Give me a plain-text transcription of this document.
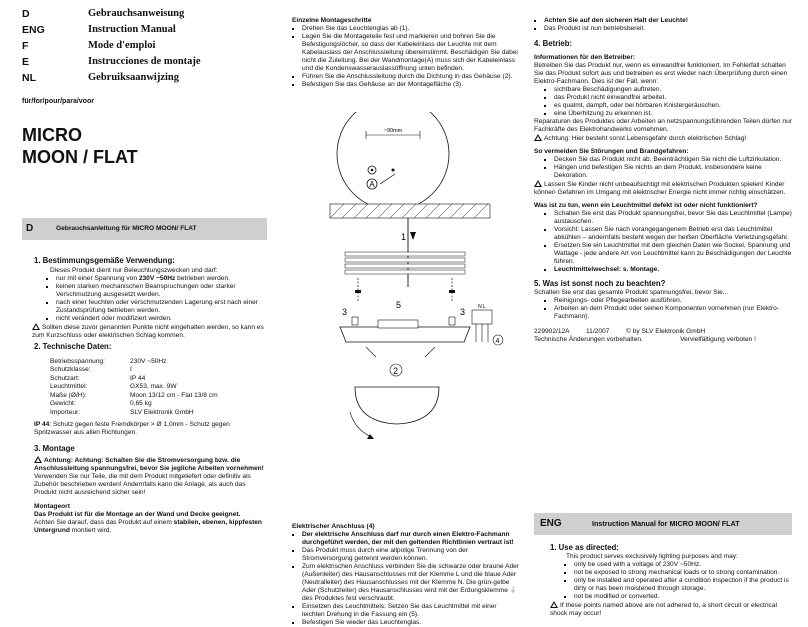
D	Gebrauchsanweisung
ENG	Instruction Manual
F	Mode d'emploi
E	Instrucciones de montaje
NL	Gebruiksaanwijzing
für/for/pour/para/voor
MICRO
MOON / FLAT
D	Gebrauchsanleitung für MICRO MOON/ FLAT
1. Bestimmungsgemäße Verwendung:

Dieses Produkt dient nur Beleuchtungszwecken und darf:

▪ nur mit einer Spannung von 230V ~50Hz betrieben werden.
▪ keinen starken mechanischen Beanspruchungen oder starker Verschmutzung ausgesetzt werden.
▪ nach einer feuchten oder verschmutzenden Lagerung erst nach einer Zustandsprüfung betrieben werden.
▪ nicht verändert oder modifiziert werden.

Sollten diese zuvor genannten Punkte nicht eingehalten werden, so kann es zum Kurzschluss oder elektrischen Schlag kommen.

2. Technische Daten:
Betriebsspannung:	230V ~50Hz
Schutzklasse:	I
Schutzart:	IP 44
Leuchtmittel:	GX53, max. 9W
Maße (Ø/H):	Moon 13/12 cm - Flat 13/8 cm
Gewicht:	0,65 kg
Importeur:	SLV Elektronik GmbH
IP 44: Schutz gegen feste Fremdkörper > Ø 1,0mm - Schutz gegen Spritzwasser aus allen Richtungen.
3. Montage

Achtung: Achtung: Schalten Sie die Stromversorgung bzw. die Anschlussleitung spannungsfrei, bevor Sie jegliche Arbeiten vornehmen! Verwenden Sie nur Teile, die mit dem Produkt mitgeliefert oder definitiv als Zubehör beschrieben werden! Andernfalls kann die Anlage, als auch das Produkt nicht ausreichend sicher sein!

Montageort

Das Produkt ist für die Montage an der Wand und Decke geeignet.

Achten Sie darauf, dass das Produkt auf einem stabilen, ebenen, kippfesten Untergrund montiert wird.

Einzelne Montageschritte

▪ Drehen Sie das Leuchtenglas ab (1).
▪ Legen Sie die Montageteile fest und markieren und bohren Sie die Befestigungslöcher, so dass der Kabeleinlass der Leuchte mit dem Kabelauslass der Anschlussleitung übereinstimmt. Beschädigen Sie dabei nicht die Zuleitung. Bei der Wandmontage(A) muss sich der Kabeleinlass und die Kondenswasserauslassöffnung unten befinden.
▪ Führen Sie die Anschlussleitung durch die Dichtung in das Gehäuse (2).
▪ Befestigen Sie das Gehäuse an der Montagefläche (3).
~90mm
A
1
3	3
5
2
N L
4

Elektrischer Anschluss (4)

▪ Der elektrische Anschluss darf nur durch einen Elektro-Fachmann durchgeführt werden, der mit den geltenden Richtlinien vertraut ist!
▪ Das Produkt muss durch eine allpolige Trennung von der Stromversorgung getrennt werden können.
▪ Zum elektrischen Anschluss verbinden Sie die schwarze oder braune Ader (Außenleiter) des Hausanschlusses mit der Klemme L und die blaue Ader (Neutralleiter) des Hausanschlusses mit der Klemme N. Die grün-gelbe Ader (Schutzleiter) des Hausanschlusses wird mit der Erdungsklemme ⏚ des Produktes fest verschraubt.
▪ Einsetzen des Leuchtmittels: Setzen Sie das Leuchtmittel mit einer leichten Drehung in die Fassung ein (5).
▪ Befestigen Sie wieder das Leuchtenglas.
▪ Achten Sie auf den sicheren Halt der Leuchte!
▪ Das Produkt ist nun betriebsbereit.
4. Betrieb:

Informationen für den Betreiber:

Betreiben Sie das Produkt nur, wenn es einwandfrei funktioniert. Im Fehlerfall schalten Sie das Produkt sofort aus und betreiben es erst wieder nach Überprüfung durch einen Elektro-Fachmann. Dies ist der Fall, wenn:

▪ sichtbare Beschädigungen auftreten.
▪ das Produkt nicht einwandfrei arbeitet.
▪ es qualmt, dampft, oder bei hörbaren Knistergeräuschen.
▪ eine Überhitzung zu erkennen ist.

Reparaturen des Produktes oder Arbeiten an netzspannungsführenden Teilen dürfen nur Fachkräfte des Elektrohandwerks vornehmen.

Achtung: Hier besteht sonst Lebensgefahr durch elektrischen Schlag!

So vermeiden Sie Störungen und Brandgefahren:

▪ Decken Sie das Produkt nicht ab. Beeinträchtigen Sie nicht die Luftzirkulation.
▪ Hängen und befestigen Sie nichts an dem Produkt, insbesondere keine Dekoration.

Lassen Sie Kinder nicht unbeaufsichtigt mit elektrischen Produkten spielen! Kinder können Gefahren im Umgang mit elektrischer Energie nicht immer richtig einschätzen.

Was ist zu tun, wenn ein Leuchtmittel defekt ist oder nicht funktioniert?

▪ Schalten Sie erst das Produkt spannungsfrei, bevor Sie das Leuchtmittel (Lampe) austauschen.
▪ Vorsicht: Lassen Sie nach vorangegangenem Betrieb erst das Leuchtmittel abkühlen – andernfalls besteht wegen der heißen Oberfläche Verletzungsgefahr.
▪ Ersetzen Sie ein Leuchtmittel mit dem gleichen Daten wie Sockel, Spannung und Wattage - jede andere Art von Leuchtmittel kann zu Beschädigungen der Leuchte führen.
▪ Leuchtmittelwechsel: s. Montage.
5. Was ist sonst noch zu beachten?

Schalten Sie erst das gesamte Produkt spannungsfrei, bevor Sie...

▪ Reinigungs- oder Pflegearbeiten ausführen.
▪ Arbeiten an dem Produkt oder seinen Komponenten vornehmen (nur Elektro-Fachmann).
229902/12A	11/2007	© by SLV Elektronik GmbH
Technische Änderungen vorbehalten.	Vervielfältigung verboten !
ENG	Instruction Manual for MICRO MOON/ FLAT
1. Use as directed:

This product serves exclusively lighting purposes and may:

▪ only be used with a voltage of 230V ~50Hz.
▪ not be exposed to strong mechanical loads or to strong contamination.
▪ only be installed and operated after a condition inspection if the product is dirty or has been moistened through storage.
▪ not be modified or converted.

If these points named above are not adhered to, a short circuit or electrical shock may occur!
